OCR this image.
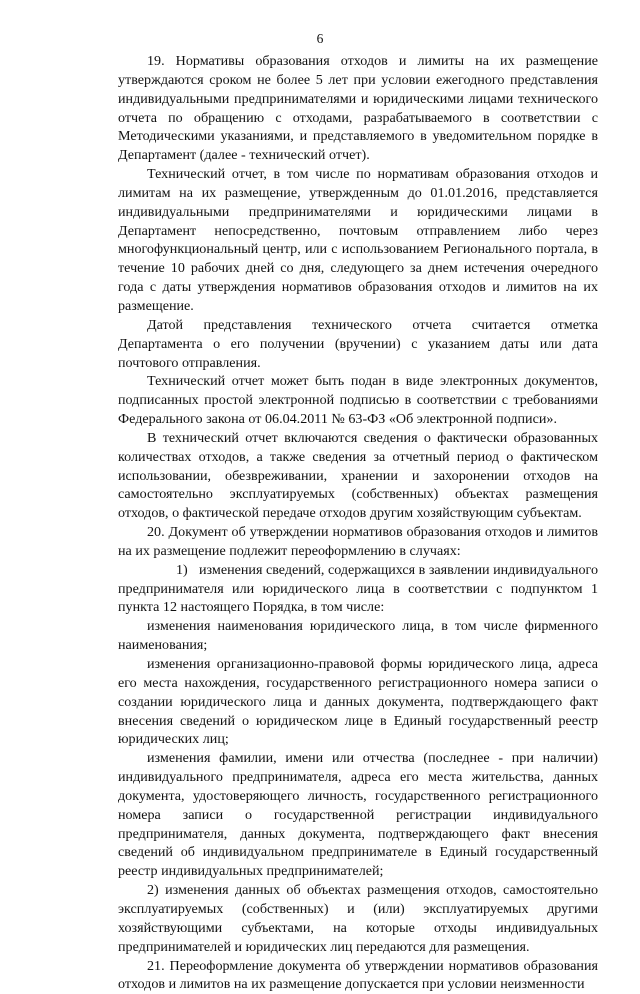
6

19. Нормативы образования отходов и лимиты на их размещение утверждаются сроком не более 5 лет при условии ежегодного представления индивидуальными предпринимателями и юридическими лицами технического отчета по обращению с отходами, разрабатываемого в соответствии с Методическими указаниями, и представляемого в уведомительном порядке в Департамент (далее - технический отчет).

Технический отчет, в том числе по нормативам образования отходов и лимитам на их размещение, утвержденным до 01.01.2016, представляется индивидуальными предпринимателями и юридическими лицами в Департамент непосредственно, почтовым отправлением либо через многофункциональный центр, или с использованием Регионального портала, в течение 10 рабочих дней со дня, следующего за днем истечения очередного года с даты утверждения нормативов образования отходов и лимитов на их размещение.

Датой представления технического отчета считается отметка Департамента о его получении (вручении) с указанием даты или дата почтового отправления.

Технический отчет может быть подан в виде электронных документов, подписанных простой электронной подписью в соответствии с требованиями Федерального закона от 06.04.2011 № 63-ФЗ «Об электронной подписи».

В технический отчет включаются сведения о фактически образованных количествах отходов, а также сведения за отчетный период о фактическом использовании, обезвреживании, хранении и захоронении отходов на самостоятельно эксплуатируемых (собственных) объектах размещения отходов, о фактической передаче отходов другим хозяйствующим субъектам.

20. Документ об утверждении нормативов образования отходов и лимитов на их размещение подлежит переоформлению в случаях:

1) изменения сведений, содержащихся в заявлении индивидуального предпринимателя или юридического лица в соответствии с подпунктом 1 пункта 12 настоящего Порядка, в том числе:

изменения наименования юридического лица, в том числе фирменного наименования;

изменения организационно-правовой формы юридического лица, адреса его места нахождения, государственного регистрационного номера записи о создании юридического лица и данных документа, подтверждающего факт внесения сведений о юридическом лице в Единый государственный реестр юридических лиц;

изменения фамилии, имени или отчества (последнее - при наличии) индивидуального предпринимателя, адреса его места жительства, данных документа, удостоверяющего личность, государственного регистрационного номера записи о государственной регистрации индивидуального предпринимателя, данных документа, подтверждающего факт внесения сведений об индивидуальном предпринимателе в Единый государственный реестр индивидуальных предпринимателей;

2) изменения данных об объектах размещения отходов, самостоятельно эксплуатируемых (собственных) и (или) эксплуатируемых другими хозяйствующими субъектами, на которые отходы индивидуальных предпринимателей и юридических лиц передаются для размещения.

21. Переоформление документа об утверждении нормативов образования отходов и лимитов на их размещение допускается при условии неизменности
